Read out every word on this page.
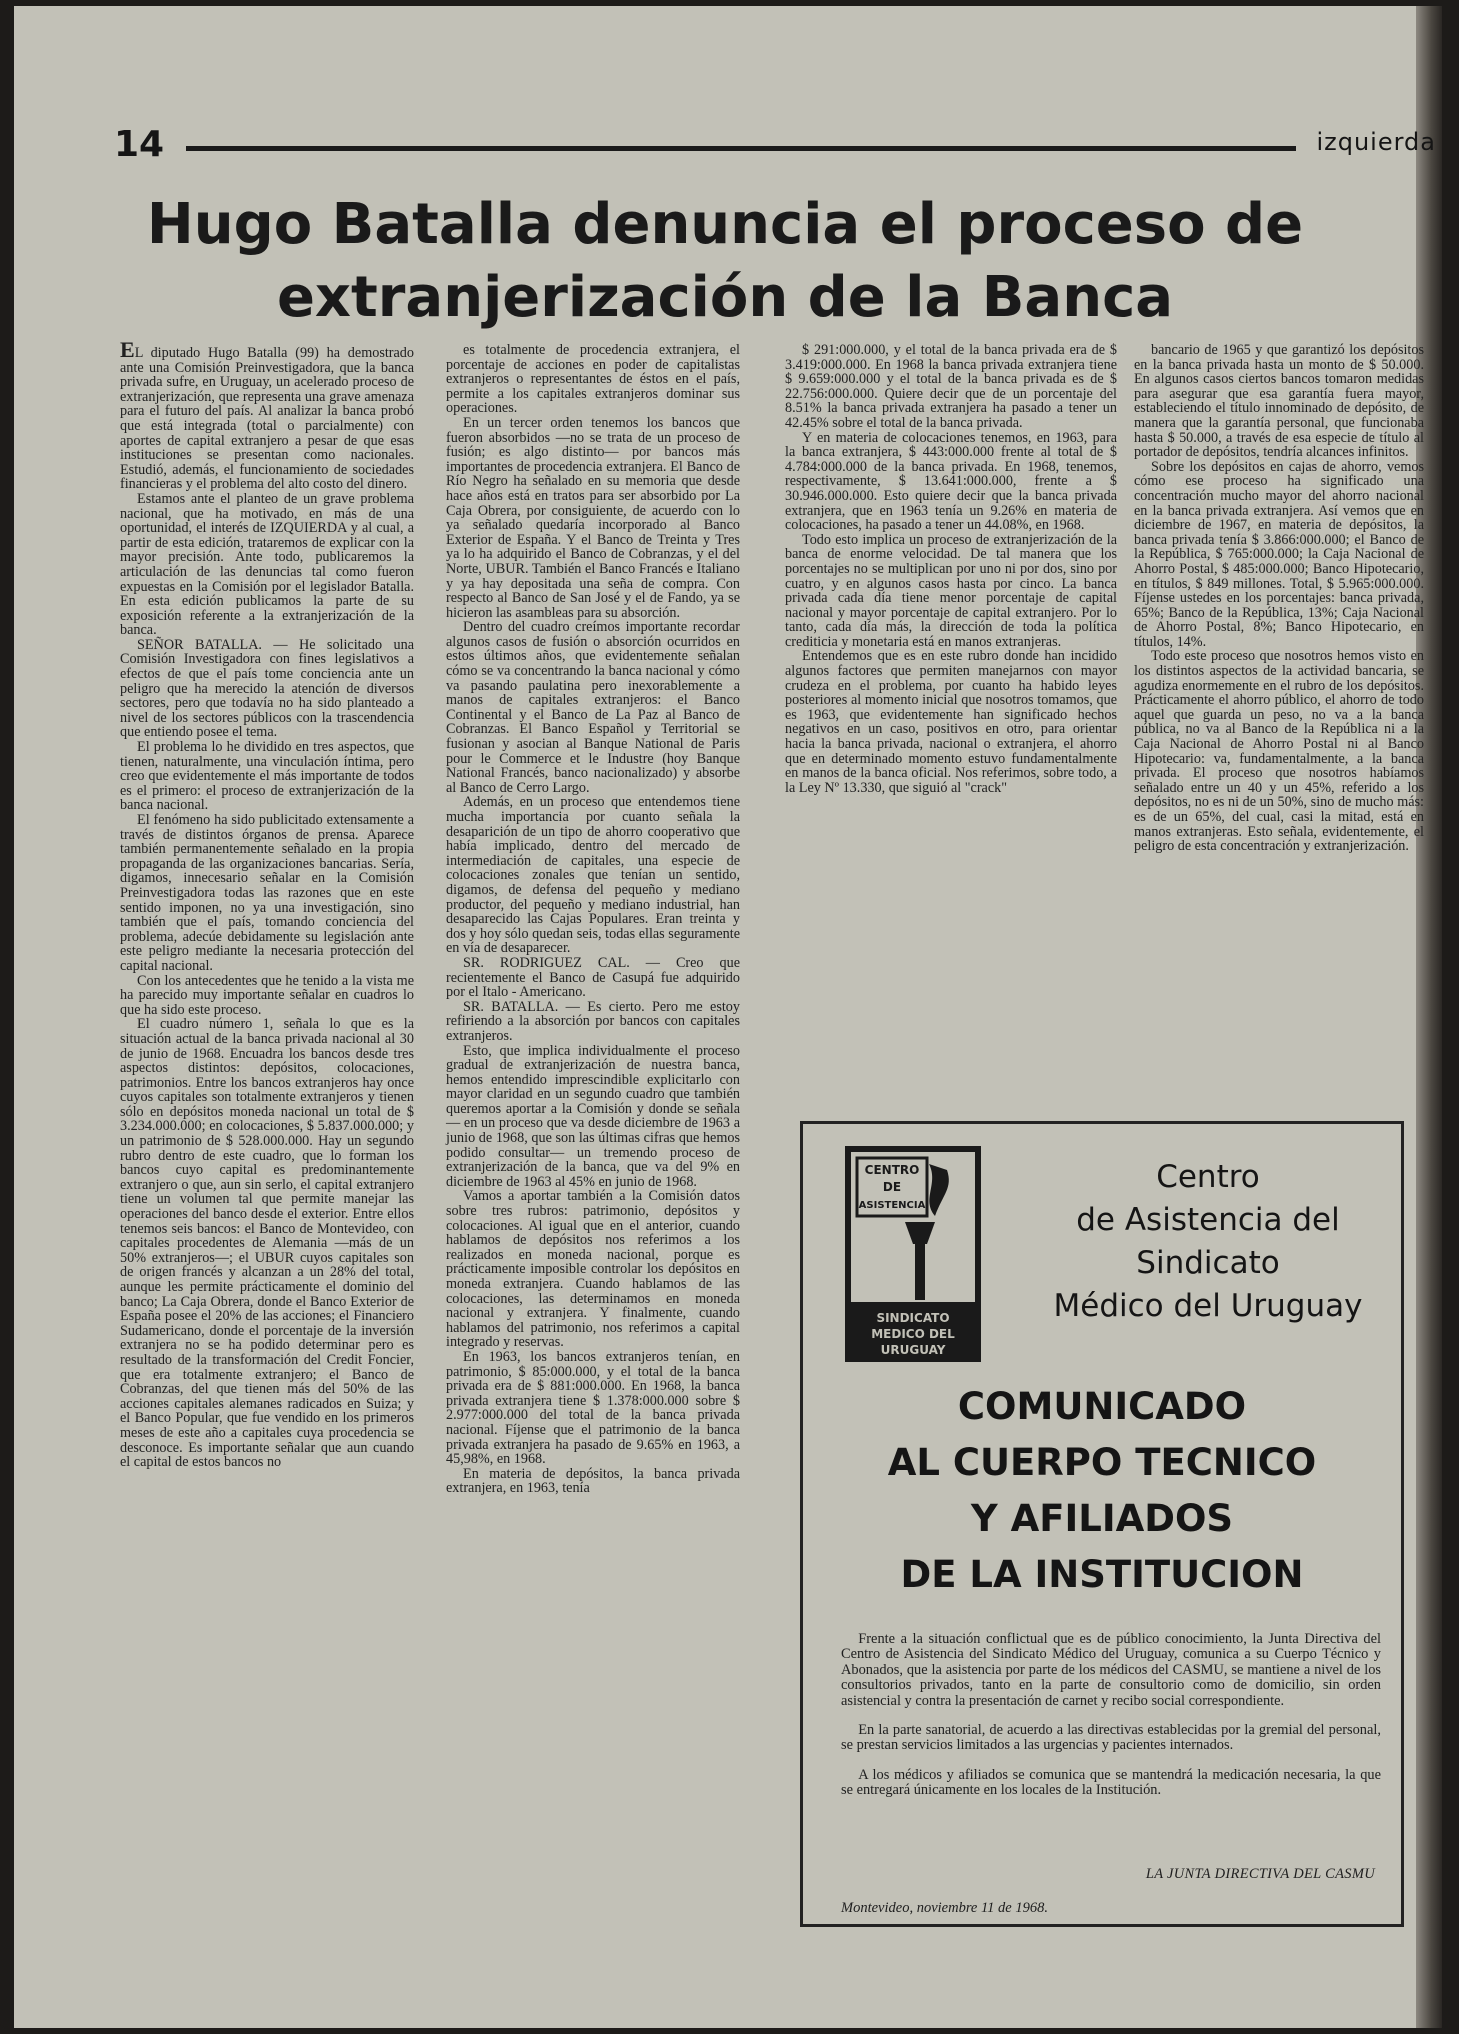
14	izquierda
Hugo Batalla denuncia el proceso de extranjerización de la Banca

EL diputado Hugo Batalla (99) ha demostrado ante una Comisión Preinvestigadora, que la banca privada sufre, en Uruguay, un acelerado proceso de extranjerización, que representa una grave amenaza para el futuro del país. Al analizar la banca probó que está integrada (total o parcialmente) con aportes de capital extranjero a pesar de que esas instituciones se presentan como nacionales. Estudió, además, el funcionamiento de sociedades financieras y el problema del alto costo del dinero.

Estamos ante el planteo de un grave problema nacional, que ha motivado, en más de una oportunidad, el interés de IZQUIERDA y al cual, a partir de esta edición, trataremos de explicar con la mayor precisión. Ante todo, publicaremos la articulación de las denuncias tal como fueron expuestas en la Comisión por el legislador Batalla. En esta edición publicamos la parte de su exposición referente a la extranjerización de la banca.

SEÑOR BATALLA. — He solicitado una Comisión Investigadora con fines legislativos a efectos de que el país tome conciencia ante un peligro que ha merecido la atención de diversos sectores, pero que todavía no ha sido planteado a nivel de los sectores públicos con la trascendencia que entiendo posee el tema.

El problema lo he dividido en tres aspectos, que tienen, naturalmente, una vinculación íntima, pero creo que evidentemente el más importante de todos es el primero: el proceso de extranjerización de la banca nacional.

El fenómeno ha sido publicitado extensamente a través de distintos órganos de prensa. Aparece también permanentemente señalado en la propia propaganda de las organizaciones bancarias. Sería, digamos, innecesario señalar en la Comisión Preinvestigadora todas las razones que en este sentido imponen, no ya una investigación, sino también que el país, tomando conciencia del problema, adecúe debidamente su legislación ante este peligro mediante la necesaria protección del capital nacional.

Con los antecedentes que he tenido a la vista me ha parecido muy importante señalar en cuadros lo que ha sido este proceso.

El cuadro número 1, señala lo que es la situación actual de la banca privada nacional al 30 de junio de 1968. Encuadra los bancos desde tres aspectos distintos: depósitos, colocaciones, patrimonios. Entre los bancos extranjeros hay once cuyos capitales son totalmente extranjeros y tienen sólo en depósitos moneda nacional un total de $ 3.234.000.000; en colocaciones, $ 5.837.000.000; y un patrimonio de $ 528.000.000. Hay un segundo rubro dentro de este cuadro, que lo forman los bancos cuyo capital es predominantemente extranjero o que, aun sin serlo, el capital extranjero tiene un volumen tal que permite manejar las operaciones del banco desde el exterior. Entre ellos tenemos seis bancos: el Banco de Montevideo, con capitales procedentes de Alemania —más de un 50% extranjeros—; el UBUR cuyos capitales son de origen francés y alcanzan a un 28% del total, aunque les permite prácticamente el dominio del banco; La Caja Obrera, donde el Banco Exterior de España posee el 20% de las acciones; el Financiero Sudamericano, donde el porcentaje de la inversión extranjera no se ha podido determinar pero es resultado de la transformación del Credit Foncier, que era totalmente extranjero; el Banco de Cobranzas, del que tienen más del 50% de las acciones capitales alemanes radicados en Suiza; y el Banco Popular, que fue vendido en los primeros meses de este año a capitales cuya procedencia se desconoce. Es importante señalar que aun cuando el capital de estos bancos no

es totalmente de procedencia extranjera, el porcentaje de acciones en poder de capitalistas extranjeros o representantes de éstos en el país, permite a los capitales extranjeros dominar sus operaciones.

En un tercer orden tenemos los bancos que fueron absorbidos —no se trata de un proceso de fusión; es algo distinto— por bancos más importantes de procedencia extranjera. El Banco de Río Negro ha señalado en su memoria que desde hace años está en tratos para ser absorbido por La Caja Obrera, por consiguiente, de acuerdo con lo ya señalado quedaría incorporado al Banco Exterior de España. Y el Banco de Treinta y Tres ya lo ha adquirido el Banco de Cobranzas, y el del Norte, UBUR. También el Banco Francés e Italiano y ya hay depositada una seña de compra. Con respecto al Banco de San José y el de Fando, ya se hicieron las asambleas para su absorción.

Dentro del cuadro creímos importante recordar algunos casos de fusión o absorción ocurridos en estos últimos años, que evidentemente señalan cómo se va concentrando la banca nacional y cómo va pasando paulatina pero inexorablemente a manos de capitales extranjeros: el Banco Continental y el Banco de La Paz al Banco de Cobranzas. El Banco Español y Territorial se fusionan y asocian al Banque National de Paris pour le Commerce et le Industre (hoy Banque National Francés, banco nacionalizado) y absorbe al Banco de Cerro Largo.

Además, en un proceso que entendemos tiene mucha importancia por cuanto señala la desaparición de un tipo de ahorro cooperativo que había implicado, dentro del mercado de intermediación de capitales, una especie de colocaciones zonales que tenían un sentido, digamos, de defensa del pequeño y mediano productor, del pequeño y mediano industrial, han desaparecido las Cajas Populares. Eran treinta y dos y hoy sólo quedan seis, todas ellas seguramente en vía de desaparecer.

SR. RODRIGUEZ CAL. — Creo que recientemente el Banco de Casupá fue adquirido por el Italo - Americano.

SR. BATALLA. — Es cierto. Pero me estoy refiriendo a la absorción por bancos con capitales extranjeros.

Esto, que implica individualmente el proceso gradual de extranjerización de nuestra banca, hemos entendido imprescindible explicitarlo con mayor claridad en un segundo cuadro que también queremos aportar a la Comisión y donde se señala — en un proceso que va desde diciembre de 1963 a junio de 1968, que son las últimas cifras que hemos podido consultar— un tremendo proceso de extranjerización de la banca, que va del 9% en diciembre de 1963 al 45% en junio de 1968.

Vamos a aportar también a la Comisión datos sobre tres rubros: patrimonio, depósitos y colocaciones. Al igual que en el anterior, cuando hablamos de depósitos nos referimos a los realizados en moneda nacional, porque es prácticamente imposible controlar los depósitos en moneda extranjera. Cuando hablamos de las colocaciones, las determinamos en moneda nacional y extranjera. Y finalmente, cuando hablamos del patrimonio, nos referimos a capital integrado y reservas.

En 1963, los bancos extranjeros tenían, en patrimonio, $ 85:000.000, y el total de la banca privada era de $ 881:000.000. En 1968, la banca privada extranjera tiene $ 1.378:000.000 sobre $ 2.977:000.000 del total de la banca privada nacional. Fíjense que el patrimonio de la banca privada extranjera ha pasado de 9.65% en 1963, a 45,98%, en 1968.

En materia de depósitos, la banca privada extranjera, en 1963, tenía

$ 291:000.000, y el total de la banca privada era de $ 3.419:000.000. En 1968 la banca privada extranjera tiene $ 9.659:000.000 y el total de la banca privada es de $ 22.756:000.000. Quiere decir que de un porcentaje del 8.51% la banca privada extranjera ha pasado a tener un 42.45% sobre el total de la banca privada.

Y en materia de colocaciones tenemos, en 1963, para la banca extranjera, $ 443:000.000 frente al total de $ 4.784:000.000 de la banca privada. En 1968, tenemos, respectivamente, $ 13.641:000.000, frente a $ 30.946.000.000. Esto quiere decir que la banca privada extranjera, que en 1963 tenía un 9.26% en materia de colocaciones, ha pasado a tener un 44.08%, en 1968.

Todo esto implica un proceso de extranjerización de la banca de enorme velocidad. De tal manera que los porcentajes no se multiplican por uno ni por dos, sino por cuatro, y en algunos casos hasta por cinco. La banca privada cada día tiene menor porcentaje de capital nacional y mayor porcentaje de capital extranjero. Por lo tanto, cada día más, la dirección de toda la política crediticia y monetaria está en manos extranjeras.

Entendemos que es en este rubro donde han incidido algunos factores que permiten manejarnos con mayor crudeza en el problema, por cuanto ha habido leyes posteriores al momento inicial que nosotros tomamos, que es 1963, que evidentemente han significado hechos negativos en un caso, positivos en otro, para orientar hacia la banca privada, nacional o extranjera, el ahorro que en determinado momento estuvo fundamentalmente en manos de la banca oficial. Nos referimos, sobre todo, a la Ley Nº 13.330, que siguió al "crack"

bancario de 1965 y que garantizó los depósitos en la banca privada hasta un monto de $ 50.000. En algunos casos ciertos bancos tomaron medidas para asegurar que esa garantía fuera mayor, estableciendo el título innominado de depósito, de manera que la garantía personal, que funcionaba hasta $ 50.000, a través de esa especie de título al portador de depósitos, tendría alcances infinitos.

Sobre los depósitos en cajas de ahorro, vemos cómo ese proceso ha significado una concentración mucho mayor del ahorro nacional en la banca privada extranjera. Así vemos que en diciembre de 1967, en materia de depósitos, la banca privada tenía $ 3.866:000.000; el Banco de la República, $ 765:000.000; la Caja Nacional de Ahorro Postal, $ 485:000.000; Banco Hipotecario, en títulos, $ 849 millones. Total, $ 5.965:000.000. Fíjense ustedes en los porcentajes: banca privada, 65%; Banco de la República, 13%; Caja Nacional de Ahorro Postal, 8%; Banco Hipotecario, en títulos, 14%.

Todo este proceso que nosotros hemos visto en los distintos aspectos de la actividad bancaria, se agudiza enormemente en el rubro de los depósitos. Prácticamente el ahorro público, el ahorro de todo aquel que guarda un peso, no va a la banca pública, no va al Banco de la República ni a la Caja Nacional de Ahorro Postal ni al Banco Hipotecario: va, fundamentalmente, a la banca privada. El proceso que nosotros habíamos señalado entre un 40 y un 45%, referido a los depósitos, no es ni de un 50%, sino de mucho más: es de un 65%, del cual, casi la mitad, está en manos extranjeras. Esto señala, evidentemente, el peligro de esta concentración y extranjerización.

CENTRO
DE
ASISTENCIA
SINDICATO
MEDICO DEL
URUGUAY
Centro
de Asistencia del
Sindicato
Médico del Uruguay
COMUNICADO
AL CUERPO TECNICO
Y AFILIADOS
DE LA INSTITUCION

Frente a la situación conflictual que es de público conocimiento, la Junta Directiva del Centro de Asistencia del Sindicato Médico del Uruguay, comunica a su Cuerpo Técnico y Abonados, que la asistencia por parte de los médicos del CASMU, se mantiene a nivel de los consultorios privados, tanto en la parte de consultorio como de domicilio, sin orden asistencial y contra la presentación de carnet y recibo social correspondiente.

En la parte sanatorial, de acuerdo a las directivas establecidas por la gremial del personal, se prestan servicios limitados a las urgencias y pacientes internados.

A los médicos y afiliados se comunica que se mantendrá la medicación necesaria, la que se entregará únicamente en los locales de la Institución.

LA JUNTA DIRECTIVA DEL CASMU
Montevideo, noviembre 11 de 1968.
